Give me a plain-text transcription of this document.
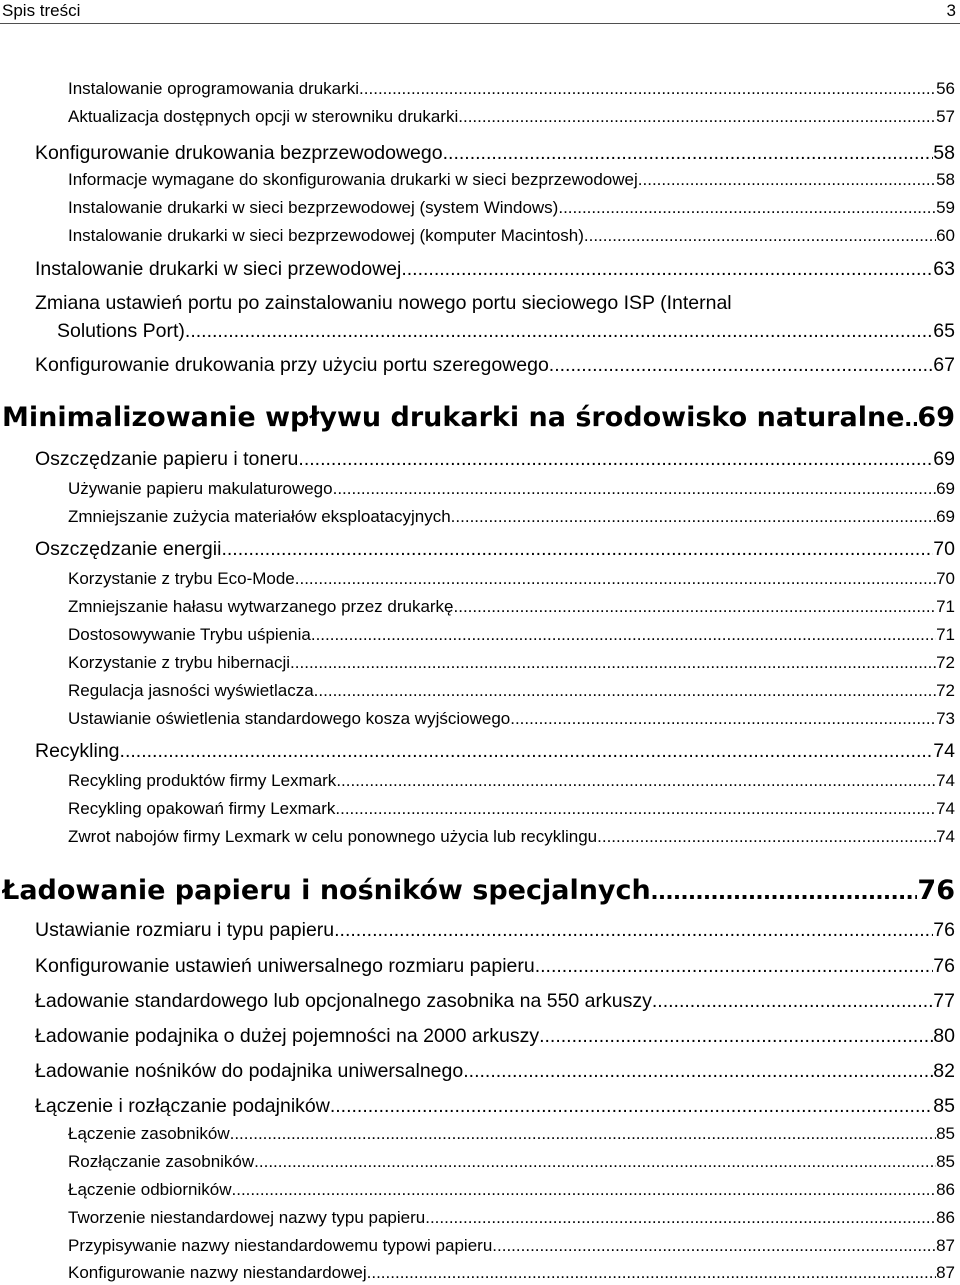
Spis treści	3
Instalowanie oprogramowania drukarki .....	56
Aktualizacja dostępnych opcji w sterowniku drukarki .....	57
Konfigurowanie drukowania bezprzewodowego .....	58
Informacje wymagane do skonfigurowania drukarki w sieci bezprzewodowej .....	58
Instalowanie drukarki w sieci bezprzewodowej (system Windows) .....	59
Instalowanie drukarki w sieci bezprzewodowej (komputer Macintosh) .....	60
Instalowanie drukarki w sieci przewodowej .....	63
Zmiana ustawień portu po zainstalowaniu nowego portu sieciowego ISP (Internal
Solutions Port) .....	65
Konfigurowanie drukowania przy użyciu portu szeregowego .....	67
Minimalizowanie wpływu drukarki na środowisko naturalne ..... 69
Oszczędzanie papieru i toneru .....	69
Używanie papieru makulaturowego .....	69
Zmniejszanie zużycia materiałów eksploatacyjnych .....	69
Oszczędzanie energii .....	70
Korzystanie z trybu Eco-Mode .....	70
Zmniejszanie hałasu wytwarzanego przez drukarkę .....	71
Dostosowywanie Trybu uśpienia .....	71
Korzystanie z trybu hibernacji .....	72
Regulacja jasności wyświetlacza .....	72
Ustawianie oświetlenia standardowego kosza wyjściowego .....	73
Recykling .....	74
Recykling produktów firmy Lexmark .....	74
Recykling opakowań firmy Lexmark .....	74
Zwrot nabojów firmy Lexmark w celu ponownego użycia lub recyklingu .....	74
Ładowanie papieru i nośników specjalnych .....	76
Ustawianie rozmiaru i typu papieru .....	76
Konfigurowanie ustawień uniwersalnego rozmiaru papieru .....	76
Ładowanie standardowego lub opcjonalnego zasobnika na 550 arkuszy .....	77
Ładowanie podajnika o dużej pojemności na 2000 arkuszy .....	80
Ładowanie nośników do podajnika uniwersalnego .....	82
Łączenie i rozłączanie podajników .....	85
Łączenie zasobników .....	85
Rozłączanie zasobników .....	85
Łączenie odbiorników .....	86
Tworzenie niestandardowej nazwy typu papieru .....	86
Przypisywanie nazwy niestandardowemu typowi papieru .....	87
Konfigurowanie nazwy niestandardowej .....	87
